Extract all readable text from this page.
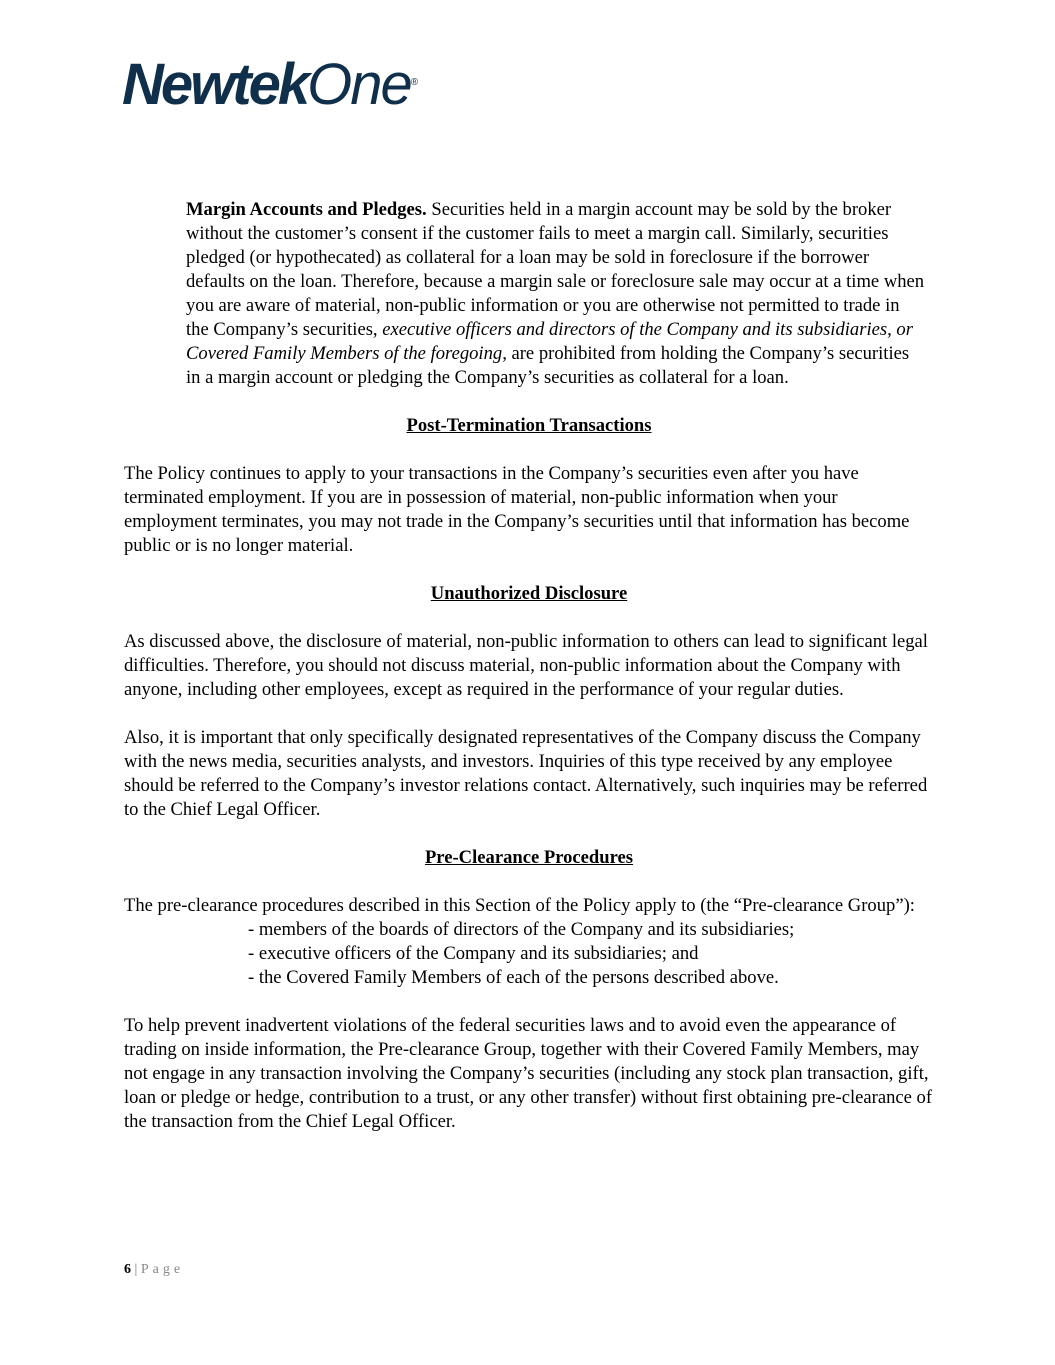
NewtekOne®

Margin Accounts and Pledges. Securities held in a margin account may be sold by the broker without the customer’s consent if the customer fails to meet a margin call. Similarly, securities pledged (or hypothecated) as collateral for a loan may be sold in foreclosure if the borrower defaults on the loan. Therefore, because a margin sale or foreclosure sale may occur at a time when you are aware of material, non-public information or you are otherwise not permitted to trade in the Company’s securities, executive officers and directors of the Company and its subsidiaries, or Covered Family Members of the foregoing, are prohibited from holding the Company’s securities in a margin account or pledging the Company’s securities as collateral for a loan.

Post-Termination Transactions

The Policy continues to apply to your transactions in the Company’s securities even after you have terminated employment. If you are in possession of material, non-public information when your employment terminates, you may not trade in the Company’s securities until that information has become public or is no longer material.

Unauthorized Disclosure

As discussed above, the disclosure of material, non-public information to others can lead to significant legal difficulties. Therefore, you should not discuss material, non-public information about the Company with anyone, including other employees, except as required in the performance of your regular duties.

Also, it is important that only specifically designated representatives of the Company discuss the Company with the news media, securities analysts, and investors. Inquiries of this type received by any employee should be referred to the Company’s investor relations contact. Alternatively, such inquiries may be referred to the Chief Legal Officer.

Pre-Clearance Procedures

The pre-clearance procedures described in this Section of the Policy apply to (the “Pre-clearance Group”):

- members of the boards of directors of the Company and its subsidiaries;
- executive officers of the Company and its subsidiaries; and
- the Covered Family Members of each of the persons described above.

To help prevent inadvertent violations of the federal securities laws and to avoid even the appearance of trading on inside information, the Pre-clearance Group, together with their Covered Family Members, may not engage in any transaction involving the Company’s securities (including any stock plan transaction, gift, loan or pledge or hedge, contribution to a trust, or any other transfer) without first obtaining pre-clearance of the transaction from the Chief Legal Officer.

6 | Page
